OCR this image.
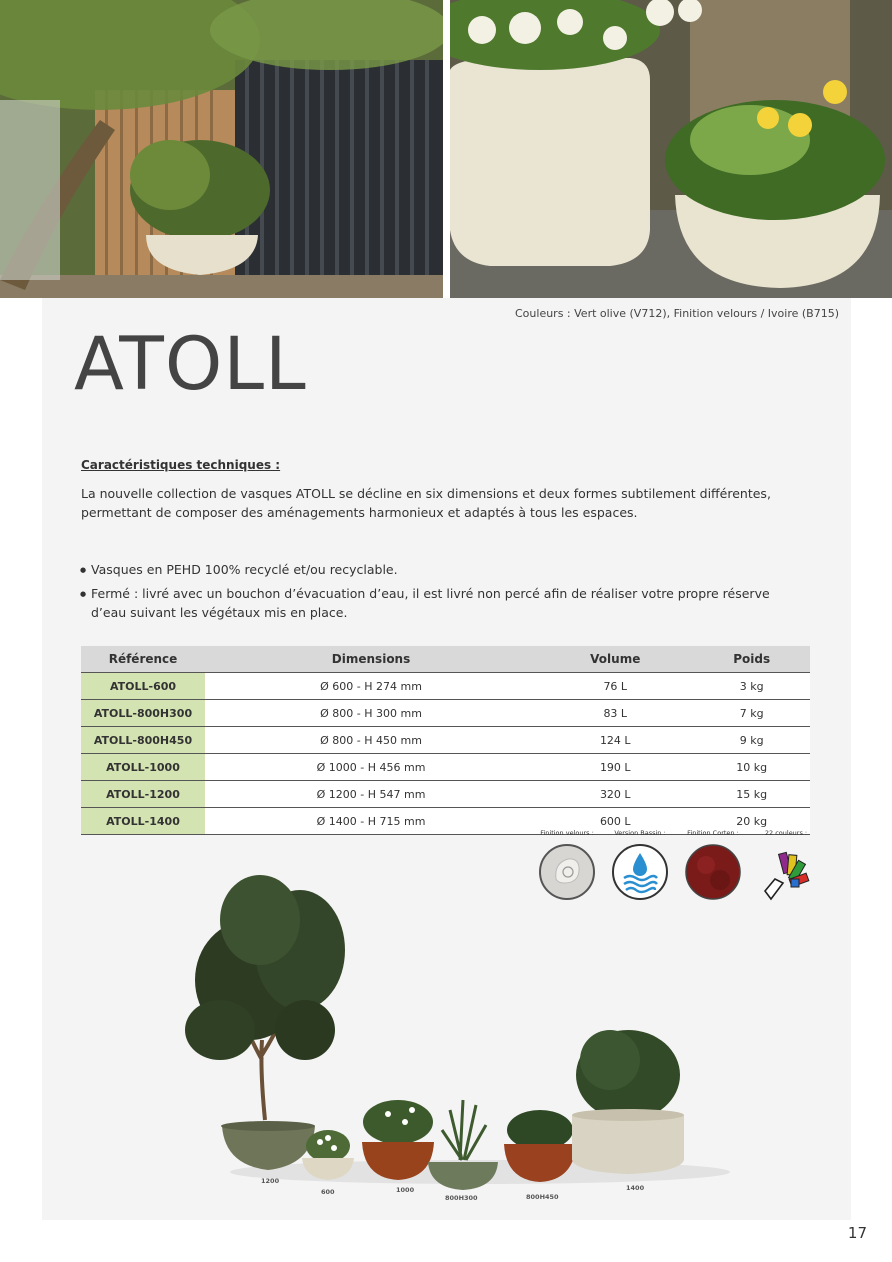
Couleurs : Vert olive (V712), Finition velours / Ivoire (B715)
ATOLL
Caractéristiques techniques :
La nouvelle collection de vasques ATOLL se décline en six dimensions et deux formes subtilement différentes, permettant de composer des aménagements harmonieux et adaptés à tous les espaces.
● Vasques en PEHD 100% recyclé et/ou recyclable.
● Fermé : livré avec un bouchon d’évacuation d’eau, il est livré non percé afin de réaliser votre propre réserve d’eau suivant les végétaux mis en place.
Référence	Dimensions	Volume	Poids
ATOLL-600	Ø 600 - H 274 mm	76 L	3 kg
ATOLL-800H300	Ø 800 - H 300 mm	83 L	7 kg
ATOLL-800H450	Ø 800 - H 450 mm	124 L	9 kg
ATOLL-1000	Ø 1000 - H 456 mm	190 L	10 kg
ATOLL-1200	Ø 1200 - H 547 mm	320 L	15 kg
ATOLL-1400	Ø 1400 - H 715 mm	600 L	20 kg
Finition velours :	Version Bassin :	Finition Corten :	22 couleurs :
1200
600	1000
800H300	800H450
1400
17
